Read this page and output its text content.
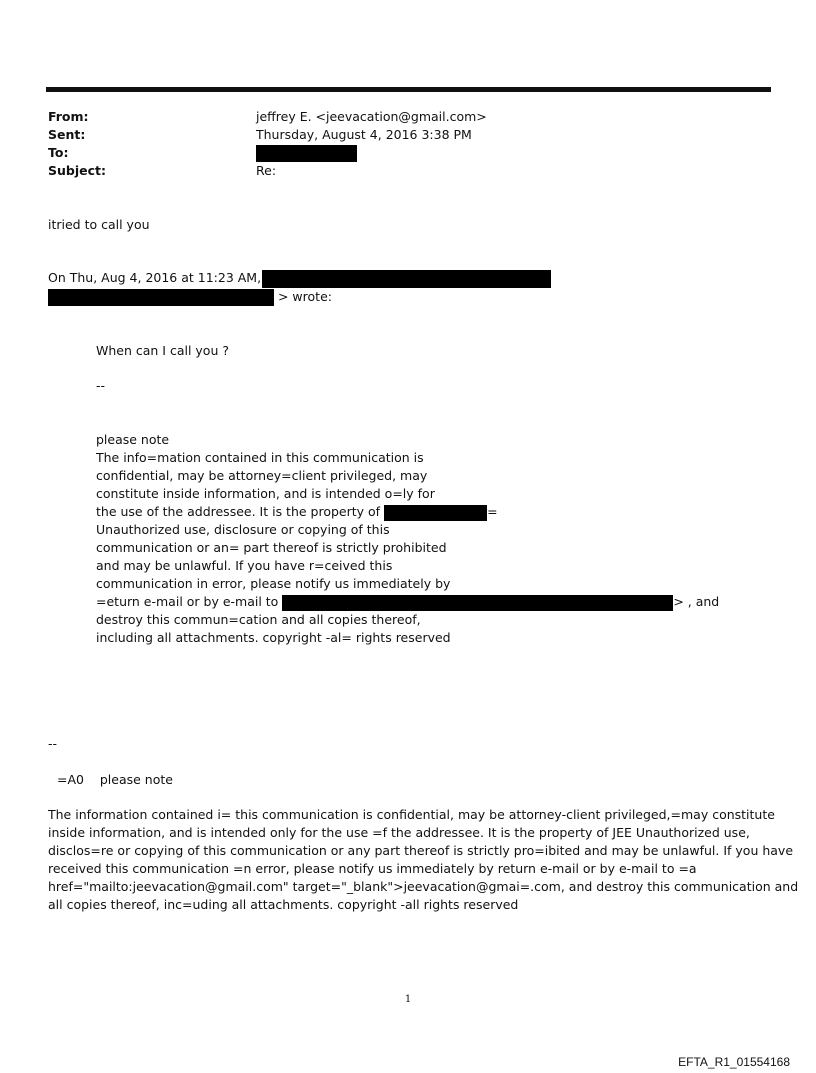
From:	jeffrey E. <jeevacation@gmail.com>
Sent:	Thursday, August 4, 2016 3:38 PM
To:
Subject:	Re:
itried to call you
On Thu, Aug 4, 2016 at 11:23 AM,
> wrote:
When can I call you ?
--
please note
The info=mation contained in this communication is
confidential, may be attorney=client privileged, may
constitute inside information, and is intended o=ly for
the use of the addressee. It is the property of	=
Unauthorized use, disclosure or copying of this
communication or an= part thereof is strictly prohibited
and may be unlawful. If you have r=ceived this
communication in error, please notify us immediately by
=eturn e-mail or by e-mail to	> , and
destroy this commun=cation and all copies thereof,
including all attachments. copyright -al= rights reserved
--
=A0    please note
The information contained i= this communication is confidential, may be attorney-client privileged,=may constitute
inside information, and is intended only for the use =f the addressee. It is the property of JEE Unauthorized use,
disclos=re or copying of this communication or any part thereof is strictly pro=ibited and may be unlawful. If you have
received this communication =n error, please notify us immediately by return e-mail or by e-mail to =a
href="mailto:jeevacation@gmail.com" target="_blank">jeevacation@gmai=.com, and destroy this communication and
all copies thereof, inc=uding all attachments. copyright -all rights reserved
1
EFTA_R1_01554168
